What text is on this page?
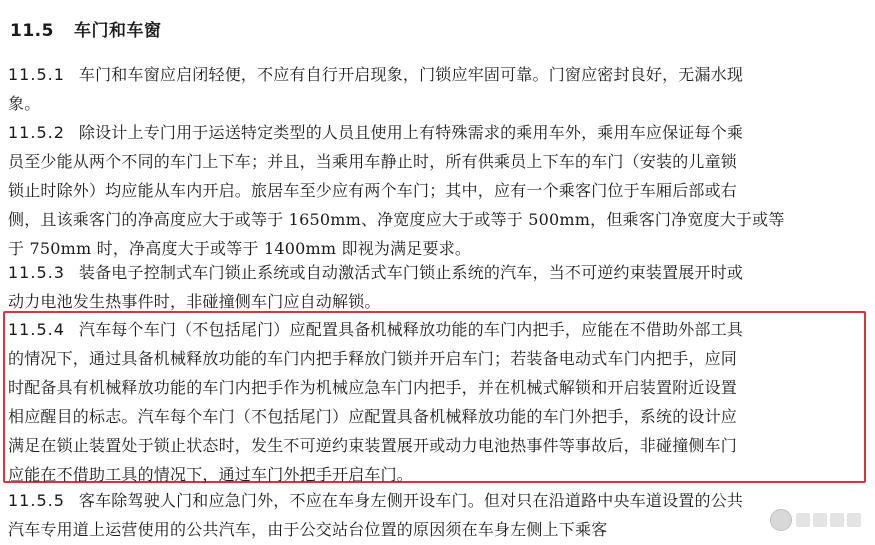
11.5 车门和车窗
11.5.1 车门和车窗应启闭轻便，不应有自行开启现象，门锁应牢固可靠。门窗应密封良好，无漏水现
象。
11.5.2 除设计上专门用于运送特定类型的人员且使用上有特殊需求的乘用车外，乘用车应保证每个乘
员至少能从两个不同的车门上下车；并且，当乘用车静止时，所有供乘员上下车的车门（安装的儿童锁
锁止时除外）均应能从车内开启。旅居车至少应有两个车门；其中，应有一个乘客门位于车厢后部或右
侧，且该乘客门的净高度应大于或等于 1650mm、净宽度应大于或等于 500mm，但乘客门净宽度大于或等
于 750mm 时，净高度大于或等于 1400mm 即视为满足要求。
11.5.3 装备电子控制式车门锁止系统或自动激活式车门锁止系统的汽车，当不可逆约束装置展开时或
动力电池发生热事件时，非碰撞侧车门应自动解锁。
11.5.4 汽车每个车门（不包括尾门）应配置具备机械释放功能的车门内把手，应能在不借助外部工具
的情况下，通过具备机械释放功能的车门内把手释放门锁并开启车门；若装备电动式车门内把手，应同
时配备具有机械释放功能的车门内把手作为机械应急车门内把手，并在机械式解锁和开启装置附近设置
相应醒目的标志。汽车每个车门（不包括尾门）应配置具备机械释放功能的车门外把手，系统的设计应
满足在锁止装置处于锁止状态时，发生不可逆约束装置展开或动力电池热事件等事故后，非碰撞侧车门
应能在不借助工具的情况下，通过车门外把手开启车门。
11.5.5 客车除驾驶人门和应急门外，不应在车身左侧开设车门。但对只在沿道路中央车道设置的公共
汽车专用道上运营使用的公共汽车，由于公交站台位置的原因须在车身左侧上下乘客
